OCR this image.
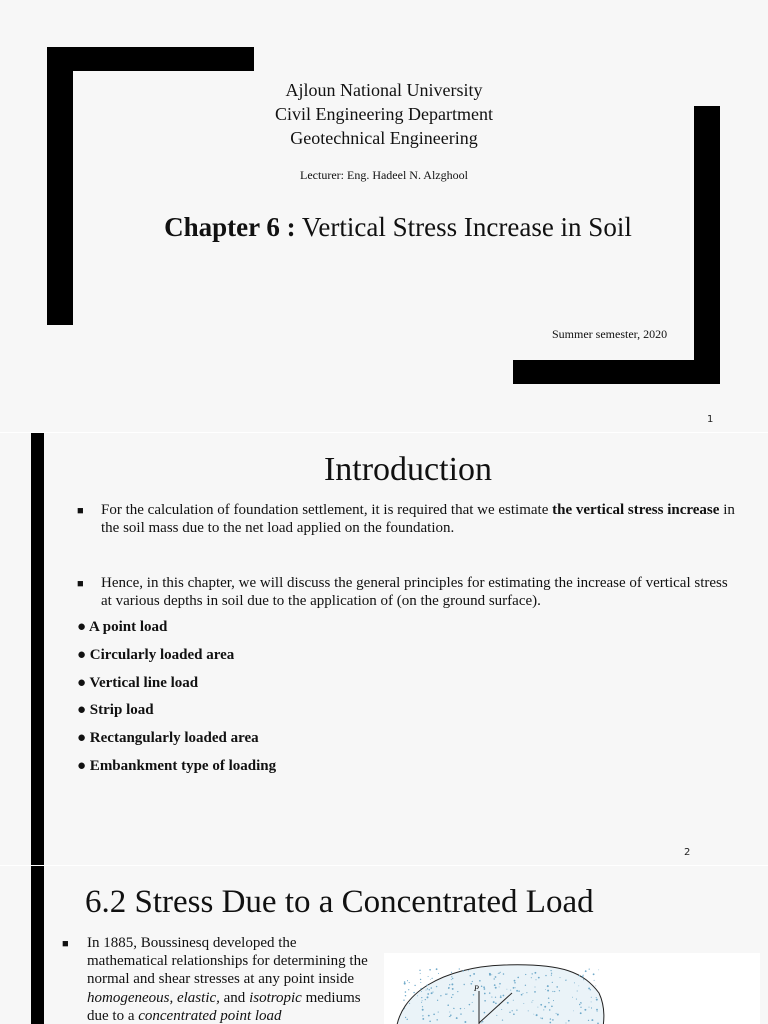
Ajloun National University
Civil Engineering Department
Geotechnical Engineering
Lecturer: Eng. Hadeel N. Alzghool
Chapter 6 : Vertical Stress Increase in Soil
Summer semester, 2020
1
Introduction
■ For the calculation of foundation settlement, it is required that we estimate the vertical stress increase in the soil mass due to the net load applied on the foundation.
■ Hence, in this chapter, we will discuss the general principles for estimating the increase of vertical stress at various depths in soil due to the application of (on the ground surface).
● A point load
● Circularly loaded area
● Vertical line load
● Strip load
● Rectangularly loaded area
● Embankment type of loading
2
6.2 Stress Due to a Concentrated Load
■ In 1885, Boussinesq developed the mathematical relationships for determining the normal and shear stresses at any point inside homogeneous, elastic, and isotropic mediums due to a concentrated point load
P
